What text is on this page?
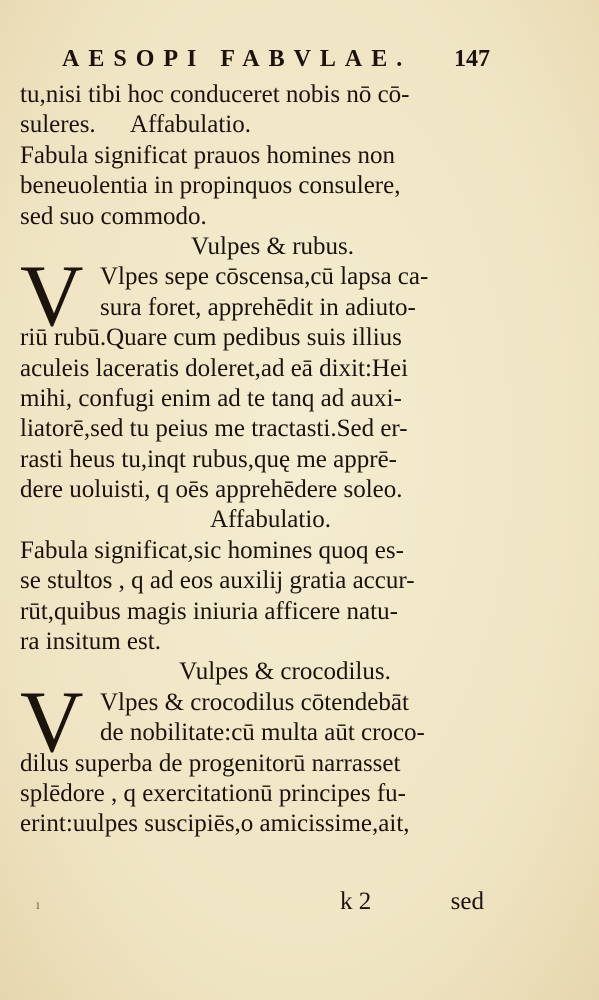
AESOPI FABVLAE. 147
tu,nisi tibi hoc conduceret nobis nō cō-
suleres. Affabulatio.
Fabula significat prauos homines non
beneuolentia in propinquos consulere,
sed suo commodo.
Vulpes & rubus.
V Vlpes sepe cōscensa,cū lapsa ca-
sura foret, apprehēdit in adiuto-
riū rubū.Quare cum pedibus suis illius
aculeis laceratis doleret,ad eā dixit:Hei
mihi, confugi enim ad te tanq ad auxi-
liatorē,sed tu peius me tractasti.Sed er-
rasti heus tu,inqt rubus,quę me apprē-
dere uoluisti, q oēs apprehēdere soleo.
Affabulatio.
Fabula significat,sic homines quoq es-
se stultos , q ad eos auxilij gratia accur-
rūt,quibus magis iniuria afficere natu-
ra insitum est.
Vulpes & crocodilus.
V Vlpes & crocodilus cōtendebāt
de nobilitate:cū multa aūt croco-
dilus superba de progenitorū narrasset
splēdore , q exercitationū principes fu-
erint:uulpes suscipiēs,o amicissime,ait,
ı	k 2	sed
